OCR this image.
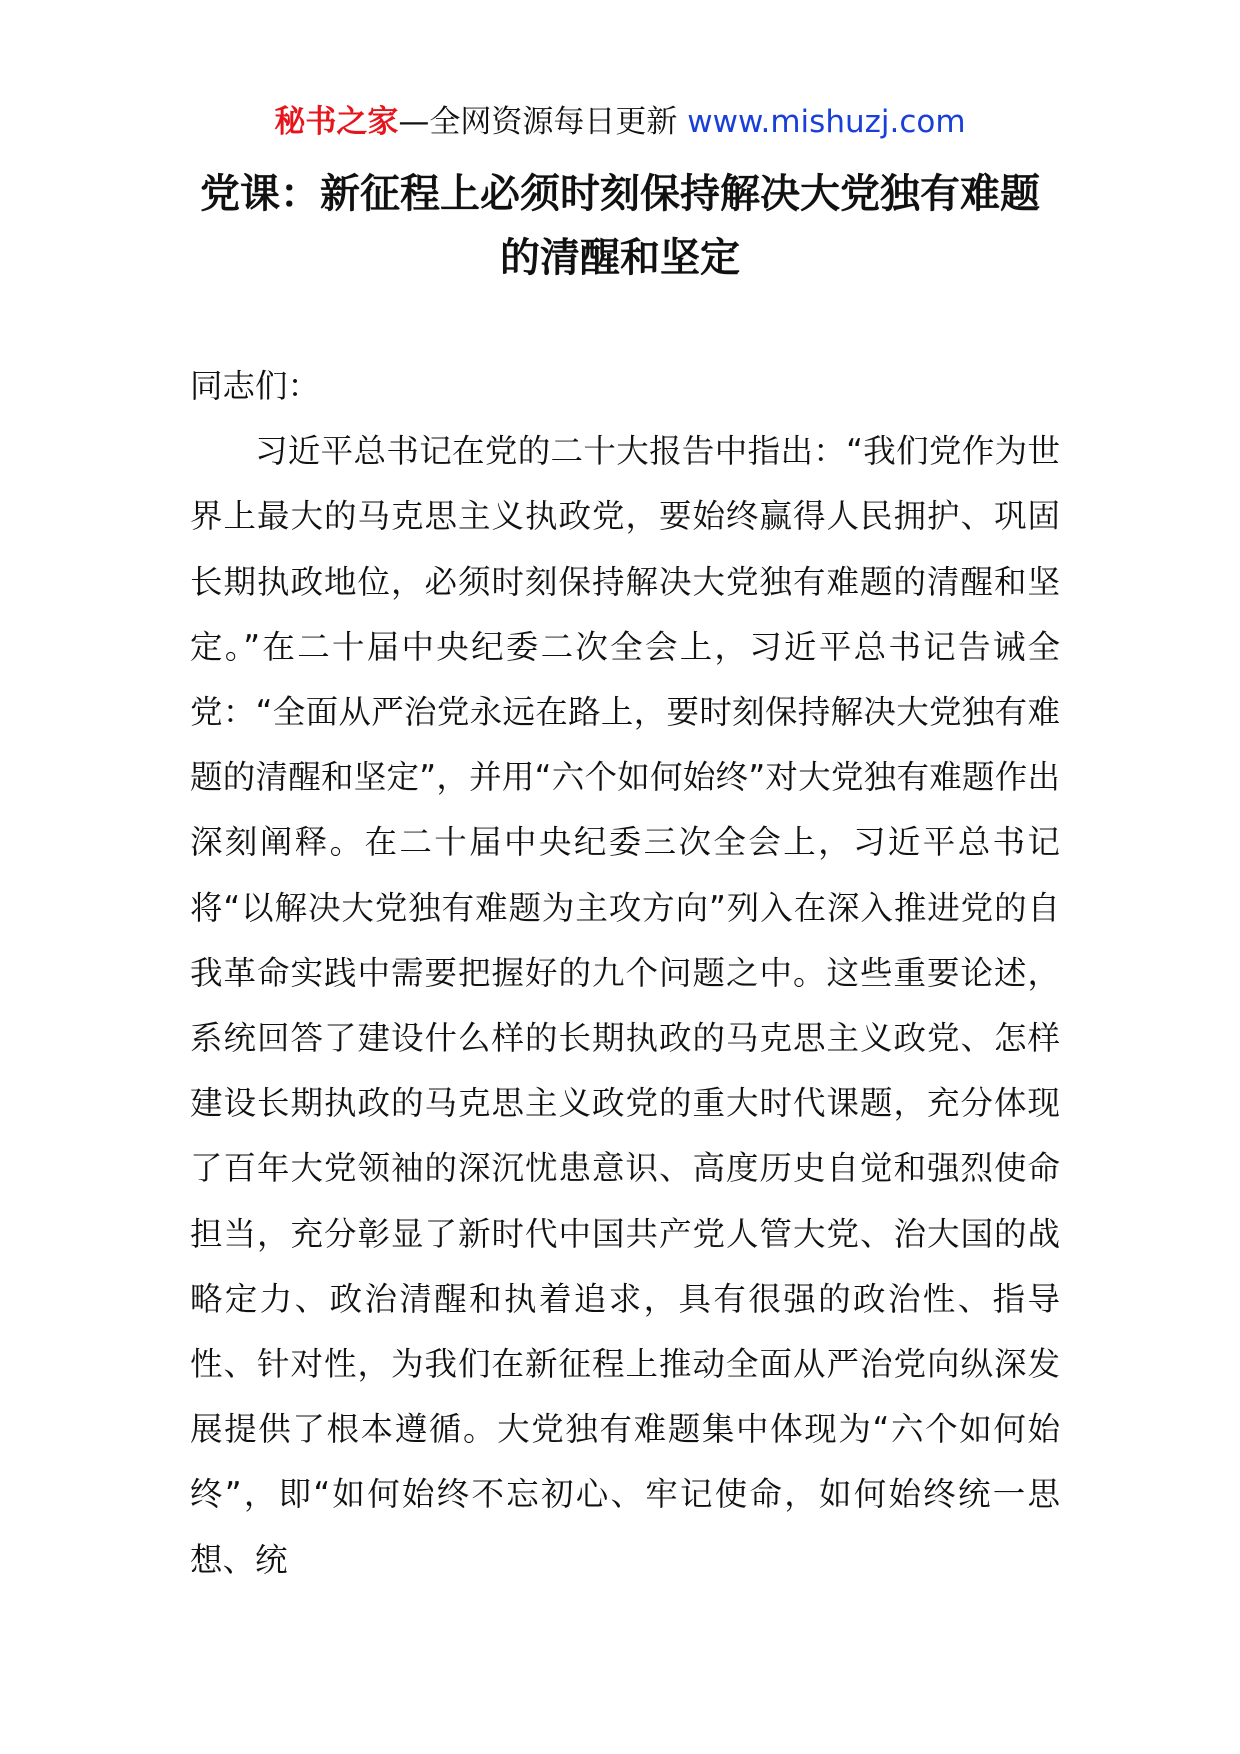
秘书之家—全网资源每日更新 www.mishuzj.com
党课：新征程上必须时刻保持解决大党独有难题的清醒和坚定

同志们：

习近平总书记在党的二十大报告中指出：“我们党作为世界上最大的马克思主义执政党，要始终赢得人民拥护、巩固长期执政地位，必须时刻保持解决大党独有难题的清醒和坚定。”在二十届中央纪委二次全会上，习近平总书记告诫全党：“全面从严治党永远在路上，要时刻保持解决大党独有难题的清醒和坚定”，并用“六个如何始终”对大党独有难题作出深刻阐释。在二十届中央纪委三次全会上，习近平总书记将“以解决大党独有难题为主攻方向”列入在深入推进党的自我革命实践中需要把握好的九个问题之中。这些重要论述，系统回答了建设什么样的长期执政的马克思主义政党、怎样建设长期执政的马克思主义政党的重大时代课题，充分体现了百年大党领袖的深沉忧患意识、高度历史自觉和强烈使命担当，充分彰显了新时代中国共产党人管大党、治大国的战略定力、政治清醒和执着追求，具有很强的政治性、指导性、针对性，为我们在新征程上推动全面从严治党向纵深发展提供了根本遵循。大党独有难题集中体现为“六个如何始终”，即“如何始终不忘初心、牢记使命，如何始终统一思想、统
